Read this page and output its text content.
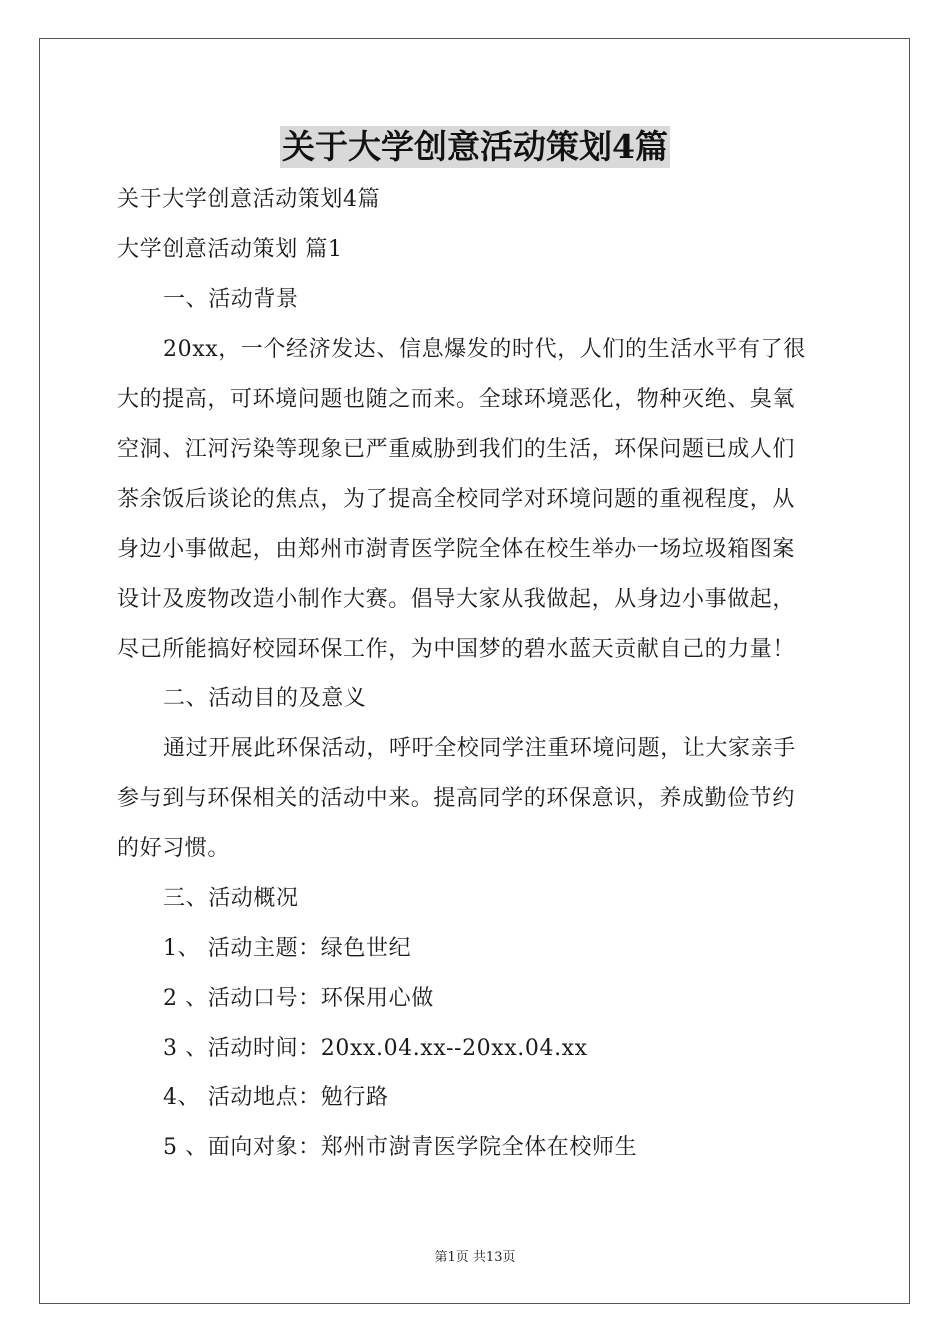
关于大学创意活动策划4篇
关于大学创意活动策划4篇
大学创意活动策划 篇1
一、活动背景
20xx，一个经济发达、信息爆发的时代，人们的生活水平有了很
大的提高，可环境问题也随之而来。全球环境恶化，物种灭绝、臭氧
空洞、江河污染等现象已严重威胁到我们的生活，环保问题已成人们
茶余饭后谈论的焦点，为了提高全校同学对环境问题的重视程度，从
身边小事做起，由郑州市澍青医学院全体在校生举办一场垃圾箱图案
设计及废物改造小制作大赛。倡导大家从我做起，从身边小事做起，
尽己所能搞好校园环保工作，为中国梦的碧水蓝天贡献自己的力量！
二、活动目的及意义
通过开展此环保活动，呼吁全校同学注重环境问题，让大家亲手
参与到与环保相关的活动中来。提高同学的环保意识，养成勤俭节约
的好习惯。
三、活动概况
1、 活动主题：绿色世纪
2 、活动口号：环保用心做
3 、活动时间：20xx.04.xx--20xx.04.xx
4、 活动地点：勉行路
5 、面向对象：郑州市澍青医学院全体在校师生
第1页 共13页
